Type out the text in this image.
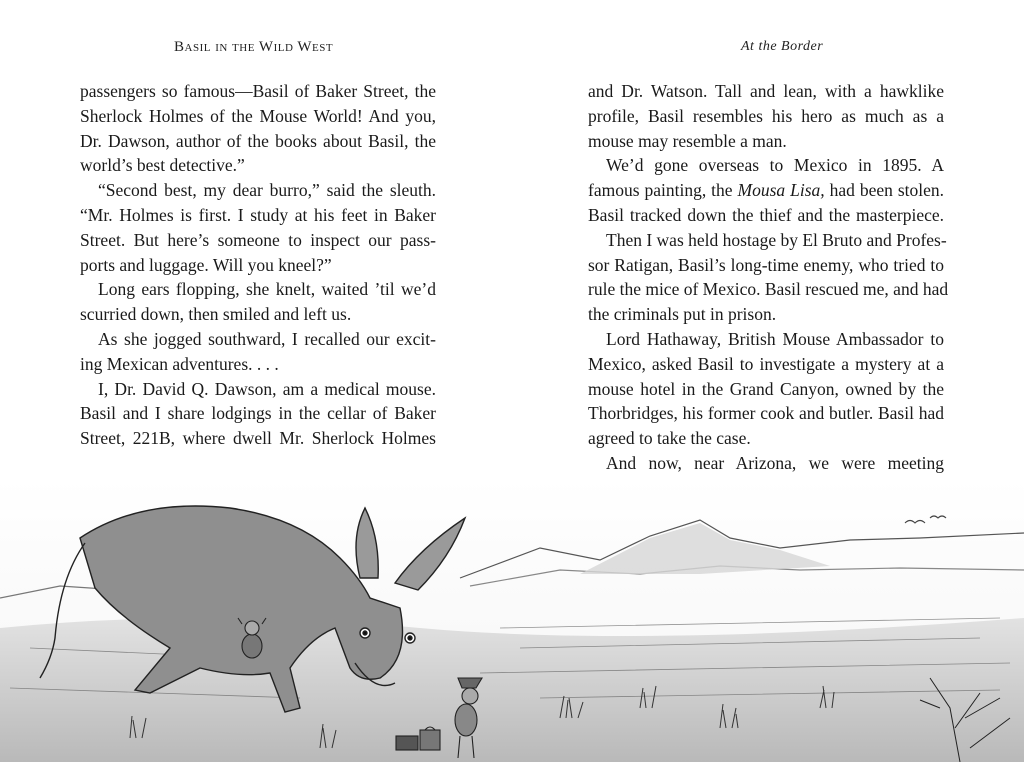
Basil in the Wild West
passengers so famous—Basil of Baker Street, the
Sherlock Holmes of the Mouse World! And you,
Dr. Dawson, author of the books about Basil, the
world’s best detective.”
“Second best, my dear burro,” said the sleuth.
“Mr. Holmes is first. I study at his feet in Baker
Street. But here’s someone to inspect our pass-
ports and luggage. Will you kneel?”
Long ears flopping, she knelt, waited ’til we’d
scurried down, then smiled and left us.
As she jogged southward, I recalled our excit-
ing Mexican adventures. . . .
I, Dr. David Q. Dawson, am a medical mouse.
Basil and I share lodgings in the cellar of Baker
Street, 221B, where dwell Mr. Sherlock Holmes
At the Border
and Dr. Watson. Tall and lean, with a hawklike
profile, Basil resembles his hero as much as a
mouse may resemble a man.
We’d gone overseas to Mexico in 1895. A
famous painting, the Mousa Lisa, had been stolen.
Basil tracked down the thief and the masterpiece.
Then I was held hostage by El Bruto and Profes-
sor Ratigan, Basil’s long-time enemy, who tried to
rule the mice of Mexico. Basil rescued me, and had
the criminals put in prison.
Lord Hathaway, British Mouse Ambassador to
Mexico, asked Basil to investigate a mystery at a
mouse hotel in the Grand Canyon, owned by the
Thorbridges, his former cook and butler. Basil had
agreed to take the case.
And now, near Arizona, we were meeting
